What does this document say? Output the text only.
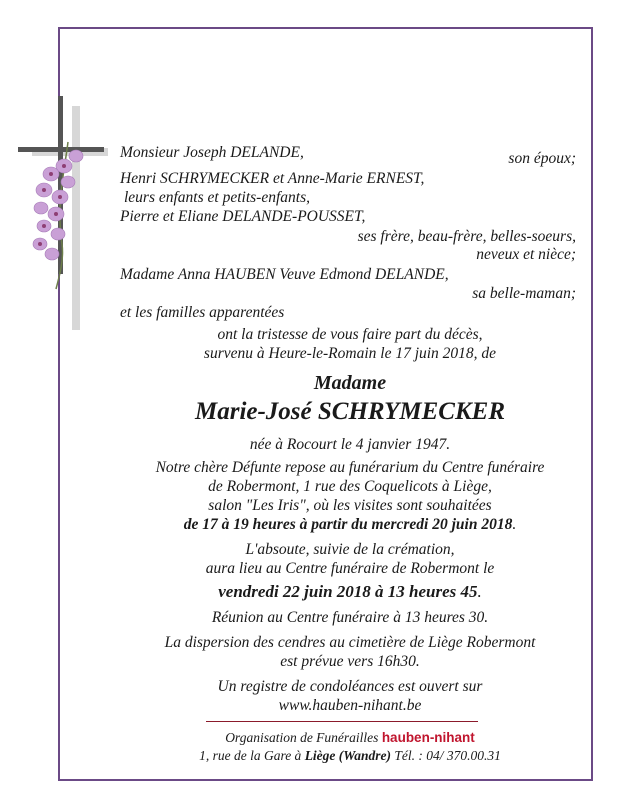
Monsieur Joseph DELANDE,	son époux;
Henri SCHRYMECKER et Anne-Marie ERNEST,
leurs enfants et petits-enfants,
Pierre et Eliane DELANDE-POUSSET,
ses frère, beau-frère, belles-soeurs,
neveux et nièce;
Madame Anna HAUBEN Veuve Edmond DELANDE,
sa belle-maman;
et les familles apparentées
ont la tristesse de vous faire part du décès,
survenu à Heure-le-Romain le 17 juin 2018, de
Madame
Marie-José SCHRYMECKER
née à Rocourt le 4 janvier 1947.
Notre chère Défunte repose au funérarium du Centre funéraire
de Robermont, 1 rue des Coquelicots à Liège,
salon "Les Iris", où les visites sont souhaitées
de 17 à 19 heures à partir du mercredi 20 juin 2018.
L'absoute, suivie de la crémation,
aura lieu au Centre funéraire de Robermont le
vendredi 22 juin 2018 à 13 heures 45.
Réunion au Centre funéraire à 13 heures 30.
La dispersion des cendres au cimetière de Liège Robermont
est prévue vers 16h30.
Un registre de condoléances est ouvert sur
www.hauben-nihant.be
Organisation de Funérailles hauben-nihant
1, rue de la Gare à Liège (Wandre) Tél. : 04/ 370.00.31
